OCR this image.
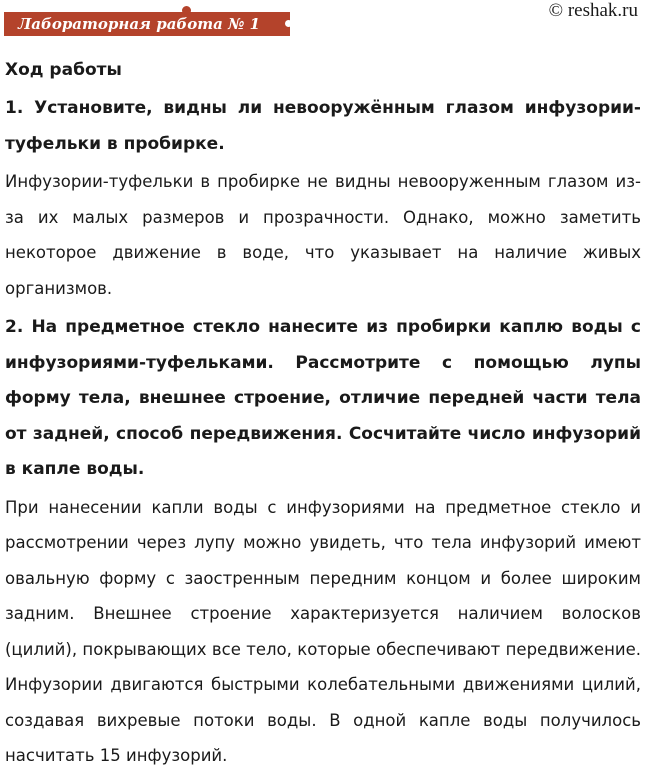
Лабораторная работа № 1
© reshak.ru
Ход работы

1. Установите, видны ли невооружённым глазом инфузории-туфельки в пробирке.

Инфузории-туфельки в пробирке не видны невооруженным глазом из-за их малых размеров и прозрачности. Однако, можно заметить некоторое движение в воде, что указывает на наличие живых организмов.

2. На предметное стекло нанесите из пробирки каплю воды с инфузориями-туфельками. Рассмотрите с помощью лупы форму тела, внешнее строение, отличие передней части тела от задней, способ передвижения. Сосчитайте число инфузорий в капле воды.

При нанесении капли воды с инфузориями на предметное стекло и рассмотрении через лупу можно увидеть, что тела инфузорий имеют овальную форму с заостренным передним концом и более широким задним. Внешнее строение характеризуется наличием волосков (цилий), покрывающих все тело, которые обеспечивают передвижение. Инфузории двигаются быстрыми колебательными движениями цилий, создавая вихревые потоки воды. В одной капле воды получилось насчитать 15 инфузорий.
